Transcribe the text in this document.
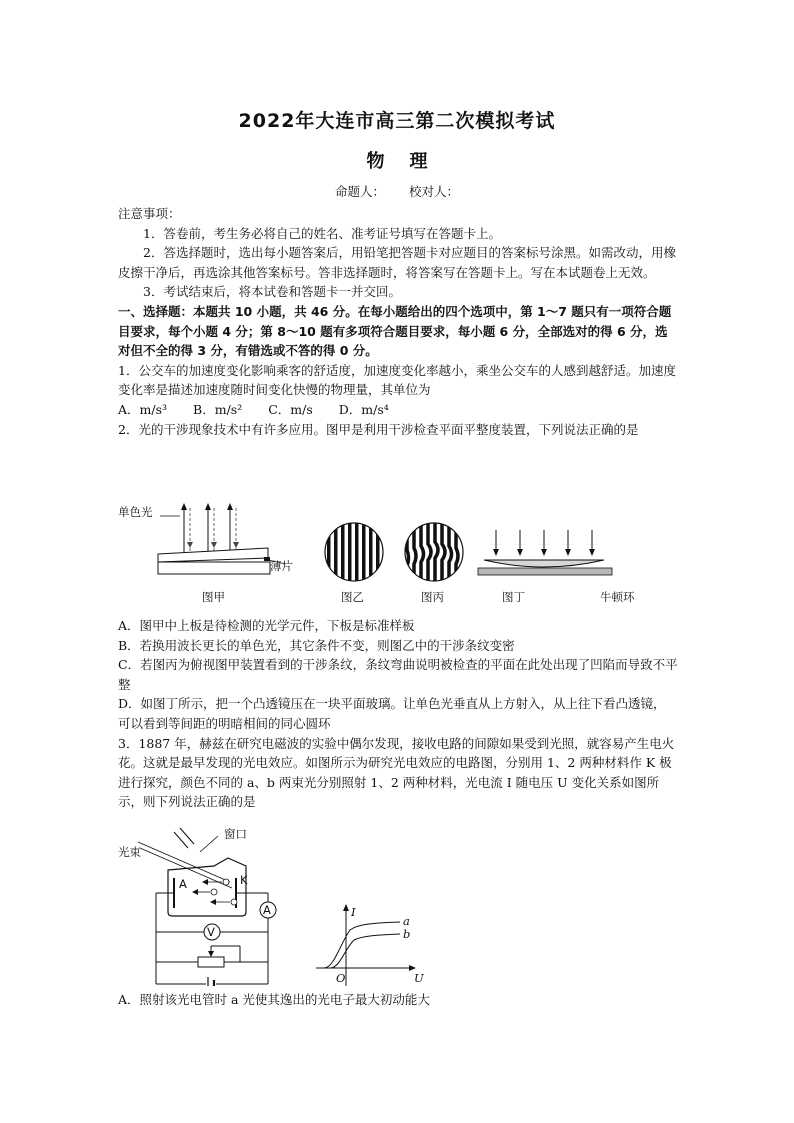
2022年大连市高三第二次模拟考试
物    理
命题人： 校对人：

注意事项：

1．答卷前，考生务必将自己的姓名、准考证号填写在答题卡上。

2．答选择题时，选出每小题答案后，用铅笔把答题卡对应题目的答案标号涂黑。如需改动，用橡皮擦干净后，再选涂其他答案标号。答非选择题时，将答案写在答题卡上。写在本试题卷上无效。

3．考试结束后，将本试卷和答题卡一并交回。

一、选择题：本题共 10 小题，共 46 分。在每小题给出的四个选项中，第 1～7 题只有一项符合题目要求，每个小题 4 分；第 8～10 题有多项符合题目要求，每小题 6 分，全部选对的得 6 分，选对但不全的得 3 分，有错选或不答的得 0 分。

1．公交车的加速度变化影响乘客的舒适度，加速度变化率越小，乘坐公交车的人感到越舒适。加速度变化率是描述加速度随时间变化快慢的物理量，其单位为

A．m/s³ B．m/s² C．m/s D．m/s⁴

2．光的干涉现象技术中有许多应用。图甲是利用干涉检查平面平整度装置，下列说法正确的是

单色光
薄片
图甲	图乙	图丙	图丁	牛顿环

A．图甲中上板是待检测的光学元件，下板是标准样板

B．若换用波长更长的单色光，其它条件不变，则图乙中的干涉条纹变密

C．若图丙为俯视图甲装置看到的干涉条纹，条纹弯曲说明被检查的平面在此处出现了凹陷而导致不平整

D．如图丁所示，把一个凸透镜压在一块平面玻璃。让单色光垂直从上方射入，从上往下看凸透镜，可以看到等间距的明暗相间的同心圆环

3．1887 年，赫兹在研究电磁波的实验中偶尔发现，接收电路的间隙如果受到光照，就容易产生电火花。这就是最早发现的光电效应。如图所示为研究光电效应的电路图，分别用 1、2 两种材料作 K 极进行探究，颜色不同的 a、b 两束光分别照射 1、2 两种材料，光电流 I 随电压 U 变化关系如图所示，则下列说法正确的是

窗口
光束
A	K
A
V
I
U
O
a
b
A．照射该光电管时 a 光使其逸出的光电子最大初动能大
